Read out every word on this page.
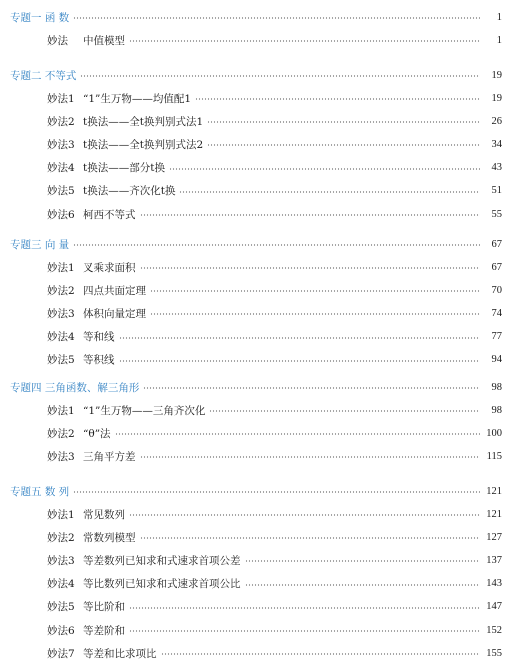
专题一 函 数	1
妙法 中值模型	1
专题二 不等式	19
妙法1 “1”生万物——均值配1	19
妙法2 t换法——全t换判别式法1	26
妙法3 t换法——全t换判别式法2	34
妙法4 t换法——部分t换	43
妙法5 t换法——齐次化t换	51
妙法6 柯西不等式	55
专题三 向 量	67
妙法1 叉乘求面积	67
妙法2 四点共面定理	70
妙法3 体积向量定理	74
妙法4 等和线	77
妙法5 等积线	94
专题四 三角函数、解三角形	98
妙法1 “1”生万物——三角齐次化	98
妙法2 “θ”法	100
妙法3 三角平方差	115
专题五 数 列	121
妙法1 常见数列	121
妙法2 常数列模型	127
妙法3 等差数列已知求和式速求首项公差	137
妙法4 等比数列已知求和式速求首项公比	143
妙法5 等比阶和	147
妙法6 等差阶和	152
妙法7 等差和比求项比	155
